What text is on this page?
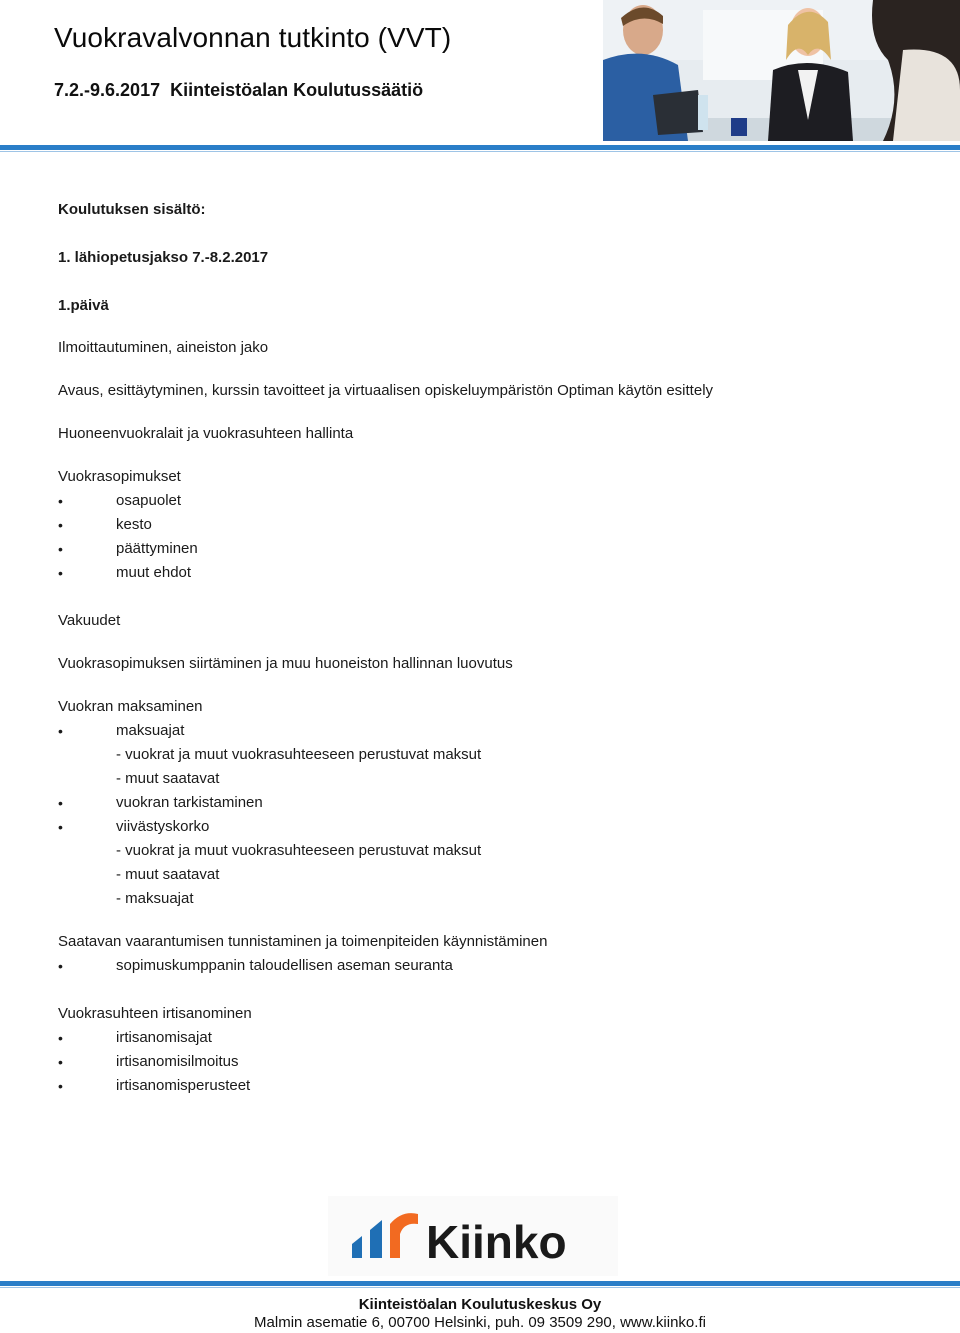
Vuokravalvonnan tutkinto (VVT)
7.2.-9.6.2017 Kiinteistöalan Koulutussäätiö

Koulutuksen sisältö:

1. lähiopetusjakso 7.-8.2.2017

1.päivä

Ilmoittautuminen, aineiston jako

Avaus, esittäytyminen, kurssin tavoitteet ja virtuaalisen opiskeluympäristön Optiman käytön esittely

Huoneenvuokralait ja vuokrasuhteen hallinta

Vuokrasopimukset

• osapuolet

• kesto

• päättyminen

• muut ehdot

Vakuudet

Vuokrasopimuksen siirtäminen ja muu huoneiston hallinnan luovutus

Vuokran maksaminen

• maksuajat

- vuokrat ja muut vuokrasuhteeseen perustuvat maksut

- muut saatavat

• vuokran tarkistaminen

• viivästyskorko

- vuokrat ja muut vuokrasuhteeseen perustuvat maksut

- muut saatavat

- maksuajat

Saatavan vaarantumisen tunnistaminen ja toimenpiteiden käynnistäminen

• sopimuskumppanin taloudellisen aseman seuranta

Vuokrasuhteen irtisanominen

• irtisanomisajat

• irtisanomisilmoitus

• irtisanomisperusteet

Kiinko
Kiinteistöalan Koulutuskeskus Oy
Malmin asematie 6, 00700 Helsinki, puh. 09 3509 290, www.kiinko.fi
